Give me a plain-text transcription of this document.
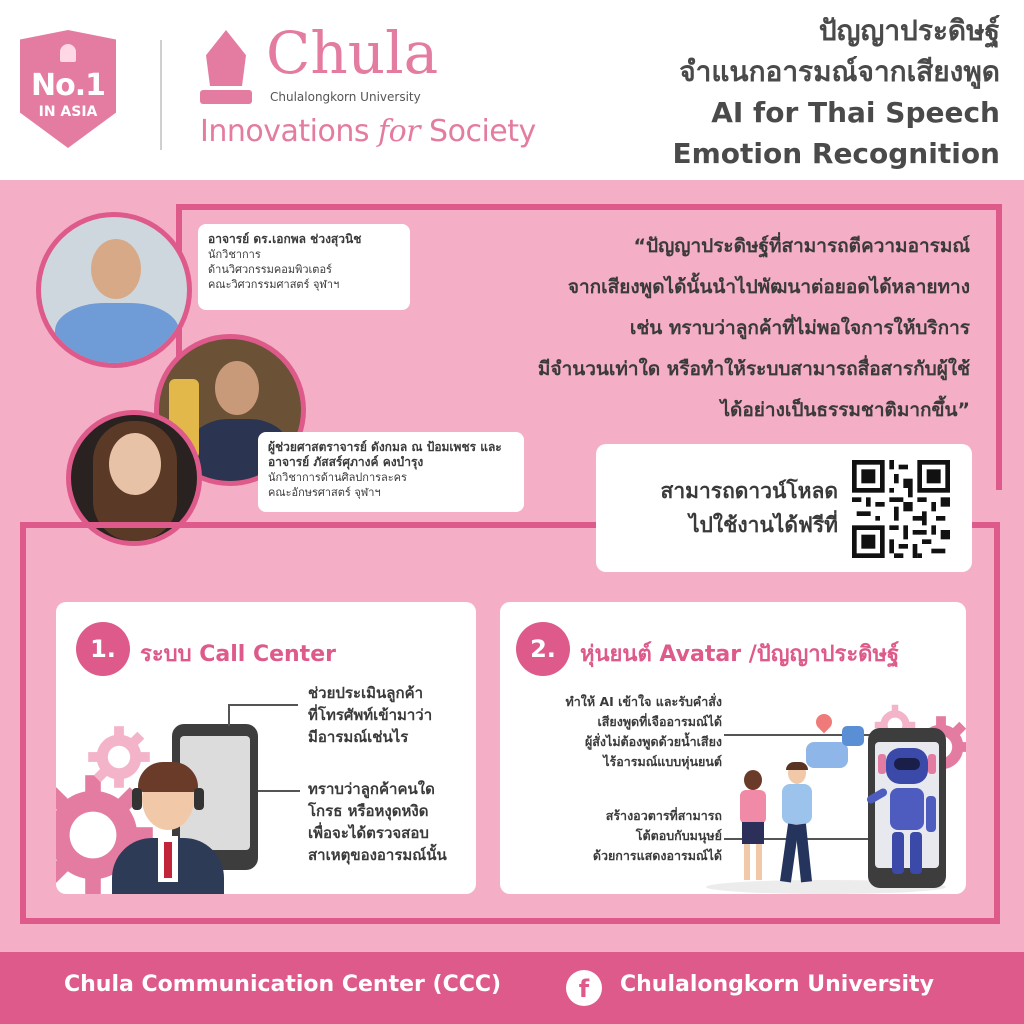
No.1
IN ASIA
Chula
Chulalongkorn University
Innovations for Society
ปัญญาประดิษฐ์
จำแนกอารมณ์จากเสียงพูด
AI for Thai Speech
Emotion Recognition
“ปัญญาประดิษฐ์ที่สามารถตีความอารมณ์
จากเสียงพูดได้นั้นนำไปพัฒนาต่อยอดได้หลายทาง
เช่น ทราบว่าลูกค้าที่ไม่พอใจการให้บริการ
มีจำนวนเท่าใด หรือทำให้ระบบสามารถสื่อสารกับผู้ใช้
ได้อย่างเป็นธรรมชาติมากขึ้น”
อาจารย์ ดร.เอกพล ช่วงสุวนิช
นักวิชาการ
ด้านวิศวกรรมคอมพิวเตอร์
คณะวิศวกรรมศาสตร์ จุฬาฯ
ผู้ช่วยศาสตราจารย์ ดังกมล ณ ป้อมเพชร และ
อาจารย์ ภัสสร์ศุภางค์ คงบำรุง
นักวิชาการด้านศิลปการละคร
คณะอักษรศาสตร์ จุฬาฯ	สามารถดาวน์โหลด
ไปใช้งานได้ฟรีที่
1.	ระบบ Call Center
ช่วยประเมินลูกค้า
ที่โทรศัพท์เข้ามาว่า
มีอารมณ์เช่นไร
ทราบว่าลูกค้าคนใด
โกรธ หรือหงุดหงิด
เพื่อจะได้ตรวจสอบ
สาเหตุของอารมณ์นั้น
2.	หุ่นยนต์ Avatar /ปัญญาประดิษฐ์
ทำให้ AI เข้าใจ และรับคำสั่ง
เสียงพูดที่เจืออารมณ์ได้
ผู้สั่งไม่ต้องพูดด้วยน้ำเสียง
ไร้อารมณ์แบบหุ่นยนต์
สร้างอวตารที่สามารถ
โต้ตอบกับมนุษย์
ด้วยการแสดงอารมณ์ได้
Chula Communication Center (CCC)	f	Chulalongkorn University
